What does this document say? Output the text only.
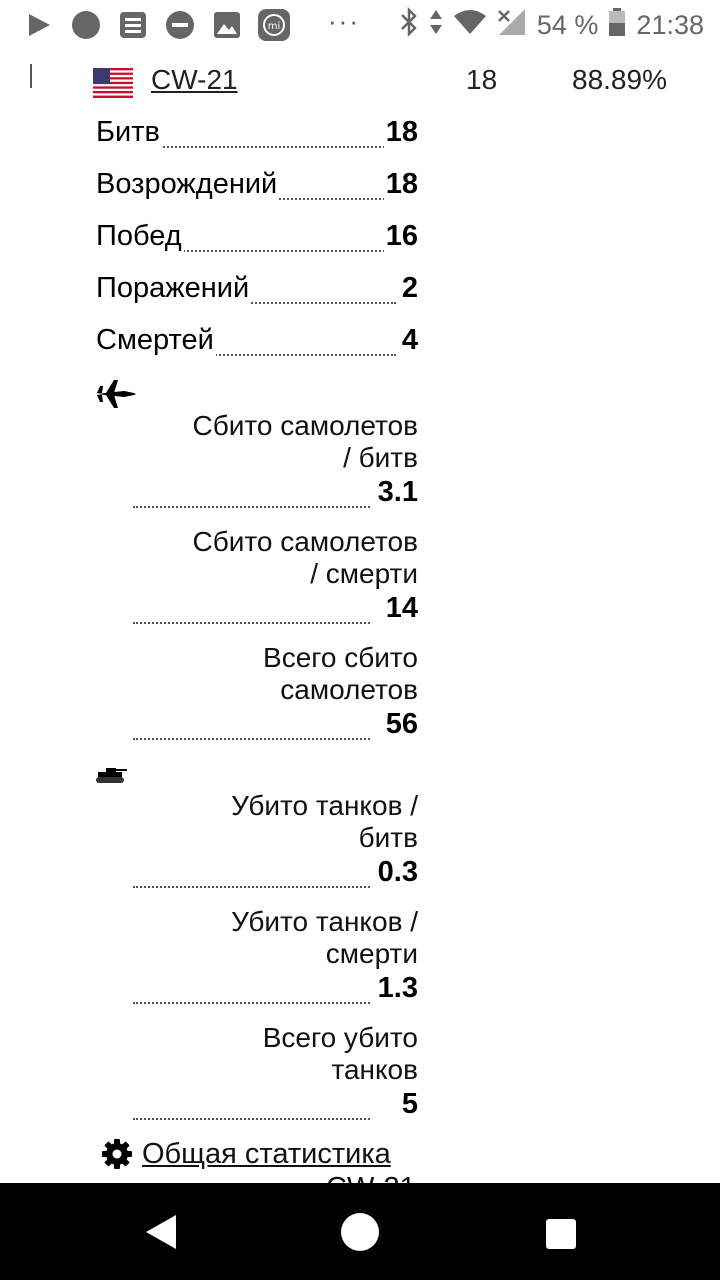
mi ···	54 % 21:38
CW-21	18	88.89%
Битв	18
Возрождений	18
Побед	16
Поражений	2
Смертей	4
Сбито самолетов
/ битв
3.1
Сбито самолетов
/ смерти
14
Всего сбито
самолетов
56
Убито танков /
битв
0.3
Убито танков /
смерти
1.3
Всего убито
танков
5
Общая статистика
